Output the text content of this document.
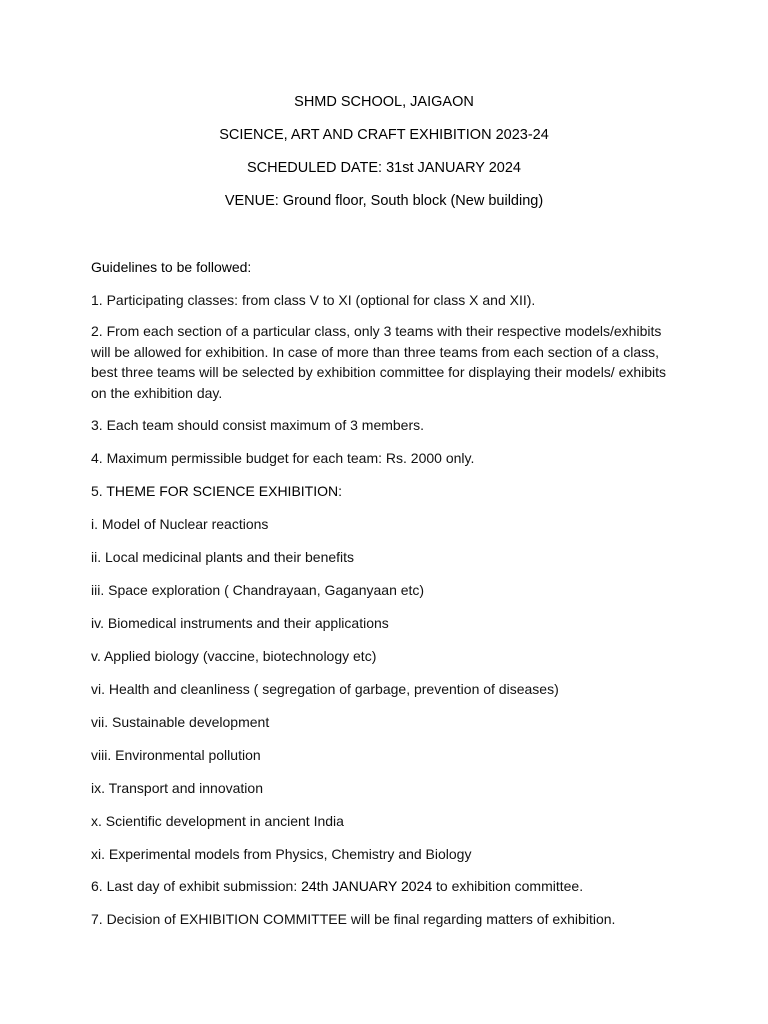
SHMD SCHOOL, JAIGAON
SCIENCE, ART AND CRAFT EXHIBITION 2023-24
SCHEDULED DATE: 31st JANUARY 2024
VENUE: Ground floor, South block (New building)
Guidelines to be followed:
1. Participating classes: from class V to XI (optional for class X and XII).
2. From each section of a particular class, only 3 teams with their respective models/exhibits will be allowed for exhibition. In case of more than three teams from each section of a class, best three teams will be selected by exhibition committee for displaying their models/ exhibits on the exhibition day.
3. Each team should consist maximum of 3 members.
4. Maximum permissible budget for each team: Rs. 2000 only.
5. THEME FOR SCIENCE EXHIBITION:
i. Model of Nuclear reactions
ii. Local medicinal plants and their benefits
iii. Space exploration ( Chandrayaan, Gaganyaan etc)
iv. Biomedical instruments and their applications
v. Applied biology (vaccine, biotechnology etc)
vi. Health and cleanliness ( segregation of garbage, prevention of diseases)
vii. Sustainable development
viii. Environmental pollution
ix. Transport and innovation
x. Scientific development in ancient India
xi. Experimental models from Physics, Chemistry and Biology
6. Last day of exhibit submission: 24th JANUARY 2024 to exhibition committee.
7. Decision of EXHIBITION COMMITTEE will be final regarding matters of exhibition.
